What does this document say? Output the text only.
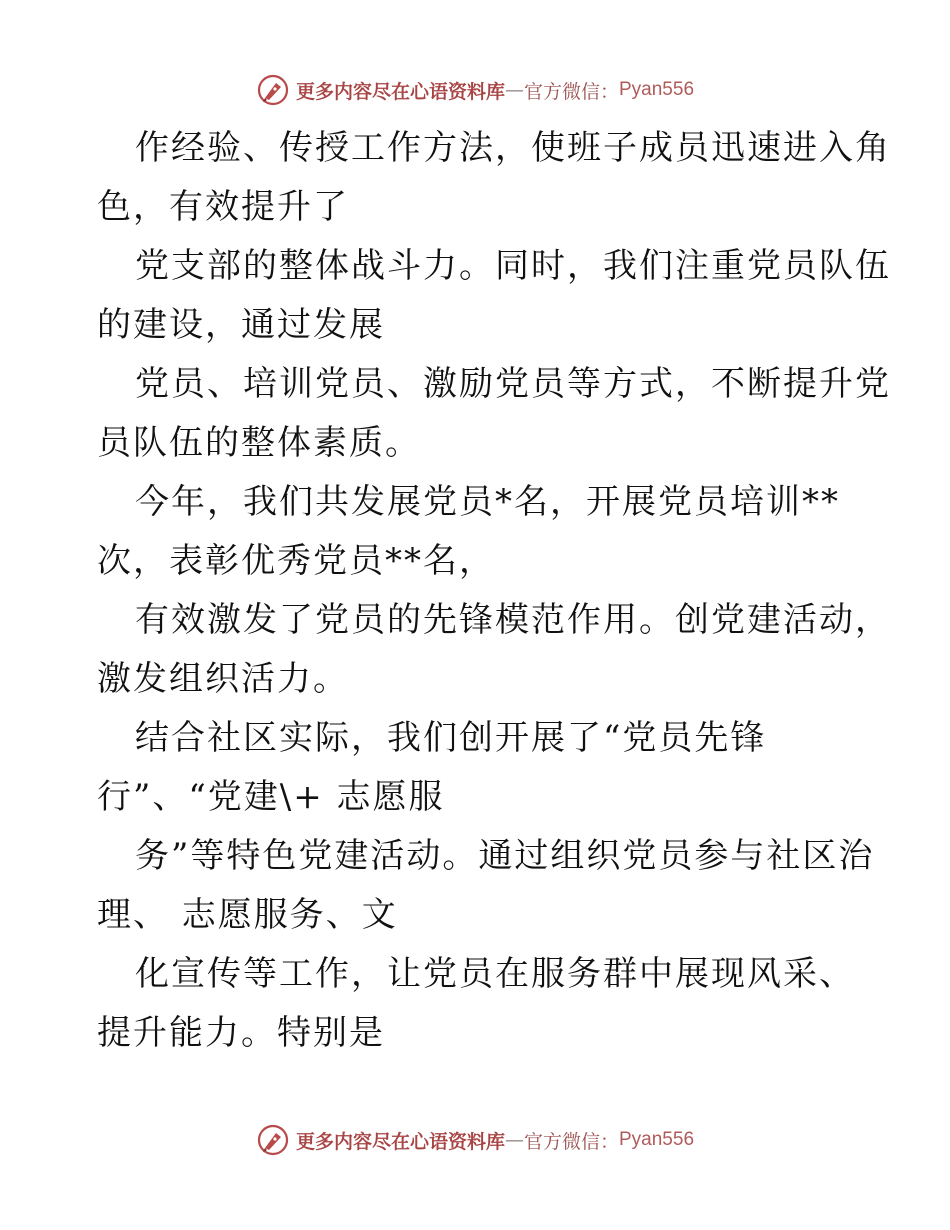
更多内容尽在心语资料库 — 官方微信： Pyan556
作经验、传授工作方法，使班子成员迅速进入角
色，有效提升了
党支部的整体战斗力。同时，我们注重党员队伍
的建设，通过发展
党员、培训党员、激励党员等方式，不断提升党
员队伍的整体素质。
今年，我们共发展党员*名，开展党员培训**
次，表彰优秀党员**名，
有效激发了党员的先锋模范作用。创党建活动，
激发组织活力。
结合社区实际，我们创开展了“党员先锋
行”、“党建\+ 志愿服
务”等特色党建活动。通过组织党员参与社区治
理、 志愿服务、文
化宣传等工作，让党员在服务群中展现风采、
提升能力。特别是
更多内容尽在心语资料库 — 官方微信： Pyan556
